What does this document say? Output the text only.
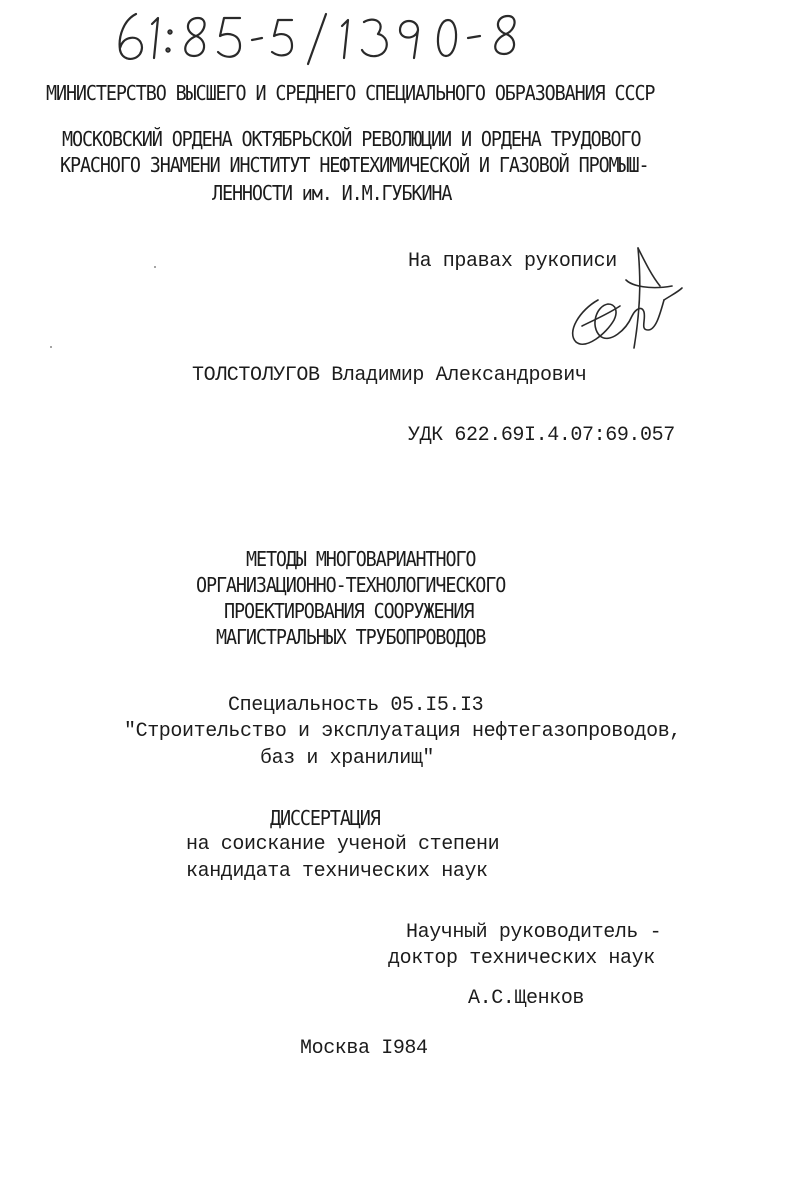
МИНИСТЕРСТВО ВЫСШЕГО И СРЕДНЕГО СПЕЦИАЛЬНОГО ОБРАЗОВАНИЯ СССР
МОСКОВСКИЙ ОРДЕНА ОКТЯБРЬСКОЙ РЕВОЛЮЦИИ И ОРДЕНА ТРУДОВОГО
КРАСНОГО ЗНАМЕНИ ИНСТИТУТ НЕФТЕХИМИЧЕСКОЙ И ГАЗОВОЙ ПРОМЫШ-
ЛЕННОСТИ им. И.М.ГУБКИНА
На правах рукописи
ТОЛСТОЛУГОВ Владимир Александрович
УДК 622.69I.4.07:69.057
МЕТОДЫ МНОГОВАРИАНТНОГО
ОРГАНИЗАЦИОННО-ТЕХНОЛОГИЧЕСКОГО
ПРОЕКТИРОВАНИЯ СООРУЖЕНИЯ
МАГИСТРАЛЬНЫХ ТРУБОПРОВОДОВ
Специальность 05.I5.I3
"Строительство и эксплуатация нефтегазопроводов,
баз и хранилищ"
ДИССЕРТАЦИЯ
на соискание ученой степени
кандидата технических наук
Научный руководитель -
доктор технических наук
А.С.Щенков
Москва I984
